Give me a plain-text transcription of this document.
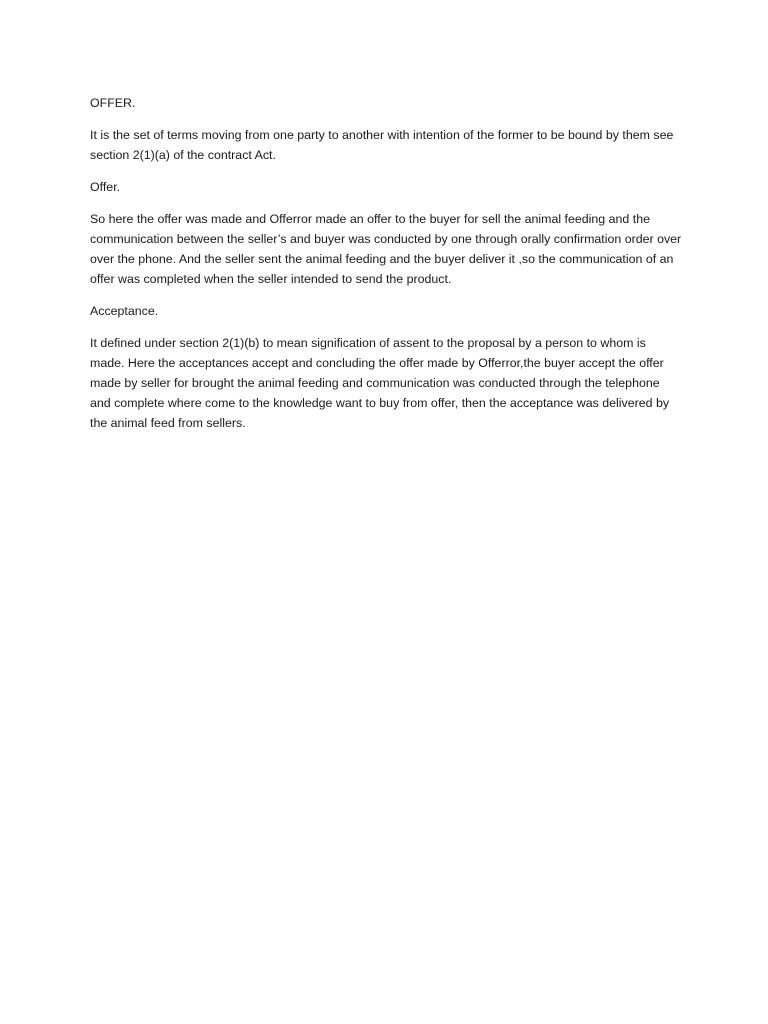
OFFER.

It is the set of terms moving from one party to another with intention of the former to be bound by them see section 2(1)(a) of the contract Act.

Offer.

So here the offer was made and Offerror made an offer to the buyer for sell the animal feeding and the communication between the seller’s and buyer was conducted by one through orally confirmation order over over the phone. And the seller sent the animal feeding and the buyer deliver it ,so the communication of an offer was completed when the seller intended to send the product.

Acceptance.

It defined under section 2(1)(b) to mean signification of assent to the proposal by a person to whom is made. Here the acceptances accept and concluding the offer made by Offerror,the buyer accept the offer made by seller for brought the animal feeding and communication was conducted through the telephone and complete where come to the knowledge want to buy from offer, then the acceptance was delivered by the animal feed from sellers.
